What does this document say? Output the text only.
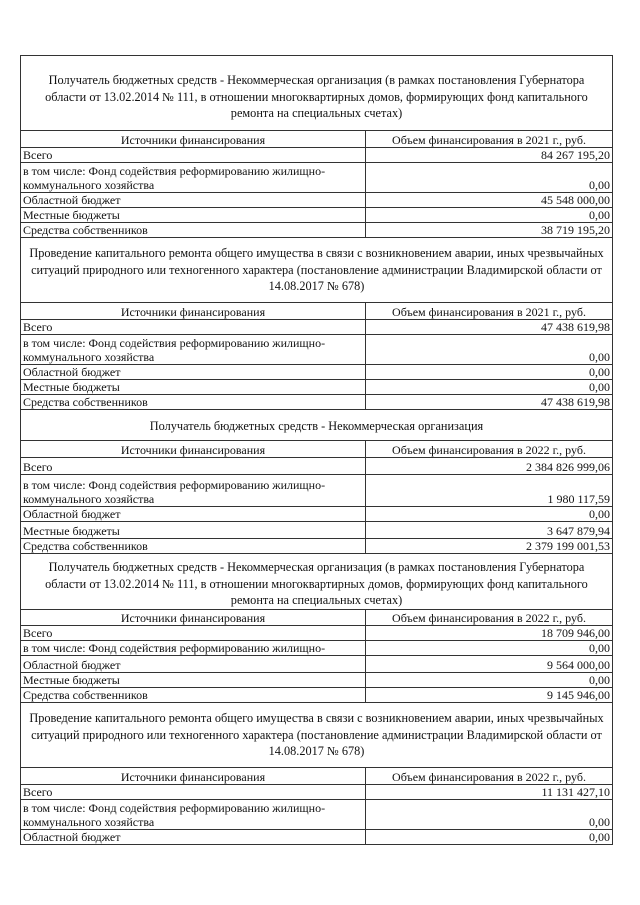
Получатель бюджетных средств - Некоммерческая организация (в рамках постановления Губернатора области от 13.02.2014 № 111, в отношении многоквартирных домов, формирующих фонд капитального ремонта на специальных счетах)
Источники финансирования	Объем финансирования в 2021 г., руб.
Всего	84 267 195,20
в том числе: Фонд содействия реформированию жилищно-
коммунального хозяйства	0,00
Областной бюджет	45 548 000,00
Местные бюджеты	0,00
Средства собственников	38 719 195,20
Проведение капитального ремонта общего имущества в связи с возникновением аварии, иных чрезвычайных ситуаций природного или техногенного характера (постановление администрации Владимирской области от 14.08.2017 № 678)
Источники финансирования	Объем финансирования в 2021 г., руб.
Всего	47 438 619,98
в том числе: Фонд содействия реформированию жилищно-
коммунального хозяйства	0,00
Областной бюджет	0,00
Местные бюджеты	0,00
Средства собственников	47 438 619,98
Получатель бюджетных средств - Некоммерческая организация
Источники финансирования	Объем финансирования в 2022 г., руб.
Всего	2 384 826 999,06
в том числе: Фонд содействия реформированию жилищно-
коммунального хозяйства	1 980 117,59
Областной бюджет	0,00
Местные бюджеты	3 647 879,94
Средства собственников	2 379 199 001,53
Получатель бюджетных средств - Некоммерческая организация (в рамках постановления Губернатора области от 13.02.2014 № 111, в отношении многоквартирных домов, формирующих фонд капитального ремонта на специальных счетах)
Источники финансирования	Объем финансирования в 2022 г., руб.
Всего	18 709 946,00
в том числе: Фонд содействия реформированию жилищно-	0,00
Областной бюджет	9 564 000,00
Местные бюджеты	0,00
Средства собственников	9 145 946,00
Проведение капитального ремонта общего имущества в связи с возникновением аварии, иных чрезвычайных ситуаций природного или техногенного характера (постановление администрации Владимирской области от 14.08.2017 № 678)
Источники финансирования	Объем финансирования в 2022 г., руб.
Всего	11 131 427,10
в том числе: Фонд содействия реформированию жилищно-
коммунального хозяйства	0,00
Областной бюджет	0,00
